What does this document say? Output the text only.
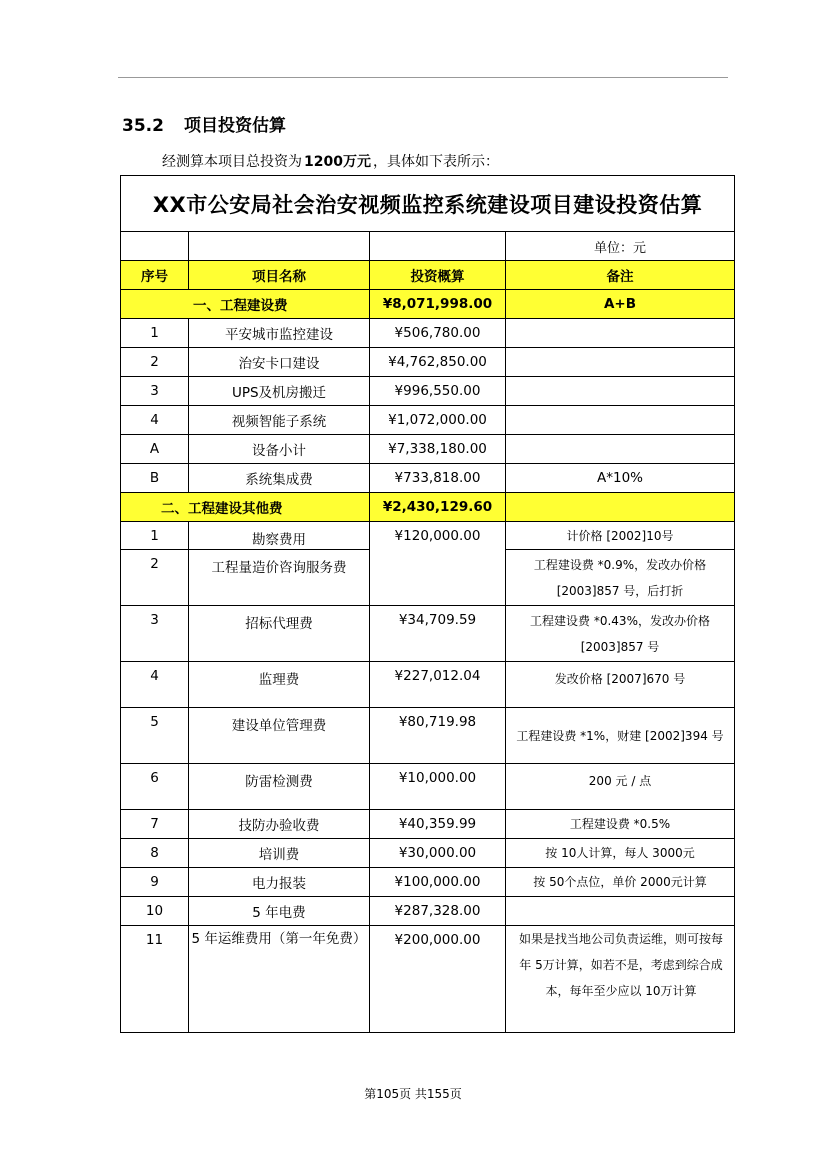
35.2 项目投资估算
经测算本项目总投资为 1200万元 ，具体如下表所示：
XX市公安局社会治安视频监控系统建设项目建设投资估算			
			单位：元
序号	项目名称	投资概算	备注
一、工程建设费		¥8,071,998.00	A+B
1	平安城市监控建设	¥506,780.00	
2	治安卡口建设	¥4,762,850.00	
3	UPS及机房搬迁	¥996,550.00	
4	视频智能子系统	¥1,072,000.00	
A	设备小计	¥7,338,180.00	
B	系统集成费	¥733,818.00	A*10%
二、工程建设其他费		¥2,430,129.60	
1	勘察费用	¥120,000.00	计价格 [2002]10号
2	工程量造价咨询服务费		工程建设费 *0.9%，发改办价格 [2003]857 号，后打折
3	招标代理费	¥34,709.59	工程建设费 *0.43%，发改办价格 [2003]857 号
4	监理费	¥227,012.04	发改价格 [2007]670 号
5	建设单位管理费	¥80,719.98	工程建设费 *1%，财建 [2002]394 号
6	防雷检测费	¥10,000.00	200 元 / 点
7	技防办验收费	¥40,359.99	工程建设费 *0.5%
8	培训费	¥30,000.00	按 10人计算，每人 3000元
9	电力报装	¥100,000.00	按 50个点位，单价 2000元计算
10	5 年电费	¥287,328.00	
11	5 年运维费用（第一年免费）	¥200,000.00	如果是找当地公司负责运维，则可按每年 5万计算，如若不是，考虑到综合成本，每年至少应以 10万计算
第105页 共155页
